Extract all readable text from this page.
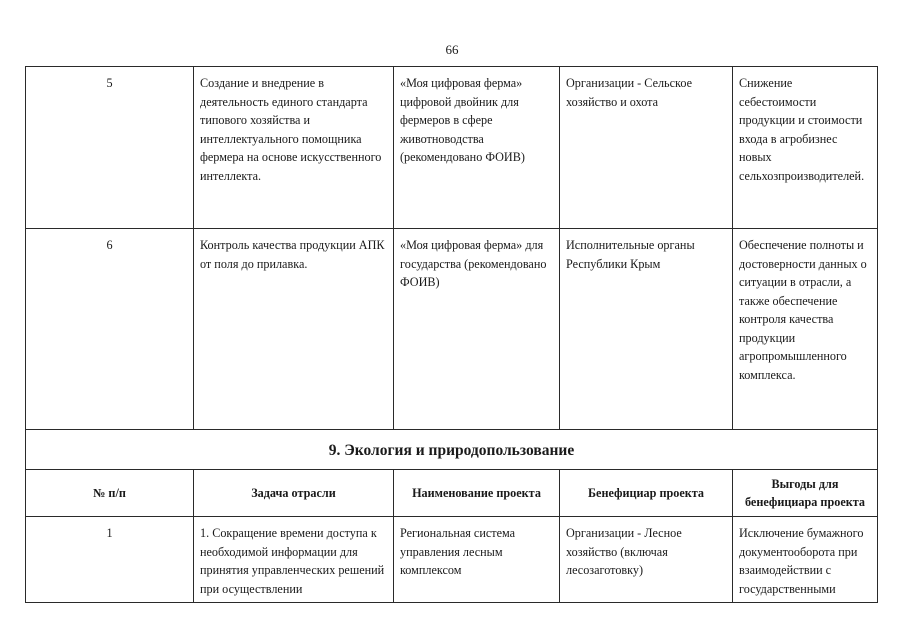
66
5	Создание и внедрение в деятельность единого стандарта типового хозяйства и интеллектуального помощника фермера на основе искусственного интеллекта.	«Моя цифровая ферма» цифровой двойник для фермеров в сфере животноводства (рекомендовано ФОИВ)	Организации - Сельское хозяйство и охота	Снижение себестоимости продукции и стоимости входа в агробизнес новых сельхозпроизводителей.
6	Контроль качества продукции АПК от поля до прилавка.	«Моя цифровая ферма» для государства (рекомендовано ФОИВ)	Исполнительные органы Республики Крым	Обеспечение полноты и достоверности данных о ситуации в отрасли, а также обеспечение контроля качества продукции агропромышленного комплекса.
9. Экология и природопользование				
№ п/п	Задача отрасли	Наименование проекта	Бенефициар проекта	Выгоды для бенефициара проекта
1	1. Сокращение времени доступа к необходимой информации для принятия управленческих решений при осуществлении	Региональная система управления лесным комплексом	Организации - Лесное хозяйство (включая лесозаготовку)	Исключение бумажного документооборота при взаимодействии с государственными
